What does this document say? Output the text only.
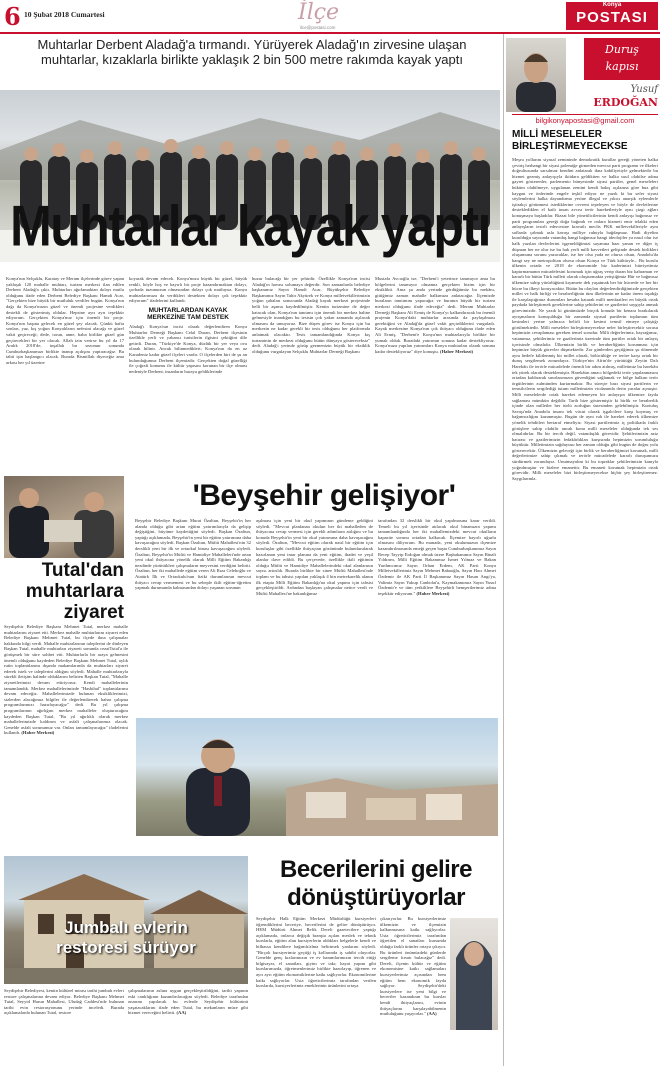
6 10 Şubat 2018 Cumartesi	İlçe
ilce@postasi.com
Konya
POSTASI
Muhtarlar Derbent Aladağ'a tırmandı. Yürüyerek Aladağ'ın zirvesine ulaşan muhtarlar, kızaklarla birlikte yaklaşık 2 bin 500 metre rakımda kayak yaptı
Muhtarlar kayak yaptı
Konya'nın Selçuklu, Karatay ve Meram ilçelerinde görev yapan yaklaşık 120 mahalle muhtarı, turizm merkezi ilan edilen Derbent Aladağ'a çıktı. Muhtarları ağırlamaktan dolayı mutlu olduğunu ifade eden Derbent Belediye Başkanı Hamdi Acar, "Gerçekten bize büyük bir mutluluk verdiler bugün. Konya'nın dağı da Konya'mızın güzel ve önemli projesine verdikleri destekli de gösterimiş oldular. Hepsine ayrı ayrı teşekkür ediyorum. Gerçekten Konya'mız için önemli bir proje. Konya'nın başına gelecek en güzel şey olacak. Çünkü hafta sonları, yaz, kış yoğun Konyalıların nefesini alacağı ve güzel vakit geçireceği; dede, torun, anne, baba birlikte güzel gün geçirecekleri bir yer olacak. Allah izin verirse bu yıl da 17 Aralık 2018'de, inşallah bu sezonun sonunda Cumhurbaşkanımızı birlikte inanıp açılışını yaptıracağız. Bu tabii işin başlangıcı olacak. Burada Bismillah diyeceğiz ama arkası her yıl üzerine
koyarak devam edecek. Konya'mıza büyük bir güzel, büyük renkli, böyle hoş ve hayırlı bir proje kazandırmaktan dolayı, çorbada tuzumuzun olmasından dolayı çok mutluyuz. Konya muhtarlarımıza da verdikleri destekten dolayı çok teşekkür ediyorum" ifadelerini kullandı.
MUHTARLARDAN KAYAK MERKEZİNE TAM DESTEK
Aladağ'ı Konya'nın incisi olarak değerlendiren Konya Muhtarlar Derneği Başkanı Celal Duran, Derbent ilçesinin özellikle yerli ve yabancı turistlerin ilgisini çektiğini dile getirdi. Duran, "Türkiye'de Konya, düzlük bir yer veya ova olarak bilinir. Ancak bilinmedikleri; Konya'nın da en az Karadeniz kadar güzel ilçeleri vardır. O ilçelerden biri de şu an bulunduğumuz Derbent ilçemizdir. Gerçekten doğal güzelliği ile çoğrafi konumu ile kültür yapısını korunan bir ilçe olması nedeniyle Derbent, insanların buraya geldiklerinde
huzur bulacağı bir yer şehirdir. Özellikle Konya'nın incisi Aladağ'ın havası solumaya değerdir. Son zamanlarda belediye başkanımız Sayın Hamdi Acar, Büyükşehir Belediye Başkanımız Sayın Tahir Akyürek ve Konya milletvekillerimizin yoğun çabaları sonucunda Aladağ kayak merkezi projesinde belli bir aşama kaydedilmiştir. Kentin turizmine de değer katacak olan, Konya'nın tanıtımı için önemli bir merkez haline gelmesiyle inandığım bu tesisin çok yakın zamanda açılacak olmasını da umuyoruz. Bize düşen görev ise Konya için bu merkezin ne kadar gerekli bir tesis olduğunu her platformda anlatmak olacaktır. Tesis tamamlandığında Konya kış turizminin de merkezi olduğunu bütün dünyaya göstereceksiz" dedi. Aladağ'ı yerinde görüp gezmenizin büyük bir eksiklik olduğunu vurgulayan Selçuklu Muhtarlar Derneği Başkanı
Mustafa Avcıoğlu ise, "Derbent'i yeterince tanımıyor ama bu bölgelerini tanımıyor olmamız gerçekten bizim için bir eksiklikti. Ama şu anda yerinde gördüğümüz bu mekânı, gittiğimiz zaman mahalle halkımıza anlatacağız. İlçemizde buraların tanıtımını yapacağız ve buranın büyük bir turizm merkezi olduğunu ifade edeceğiz" dedi. Meram Muhtarlar Derneği Başkanı Ali Ermiş de Konya'yı kalkındıracak bu önemli projenin Konya'daki muhtarlar arasında da paylaşılması gerektiğini ve Aladağ'da güzel vakit geçirdiklerini vurguladı. Kayak merkezine Konya'nın çok ihtiyacı olduğunu ifade eden Ali Ermiş, "Derbent'e Konya'nın muhtarlarıyla birlikte bir yumak olduk. Buradaki yatırımın sonuna kadar destekliyoruz. Konya'mıza yapılan yatırımları Konya muhtarları olarak sonuna kadar destekliyoruz" diye konuştu. (Haber Merkezi)
Tutal'dan muhtarlara ziyaret
Seydişehir Belediye Başkanı Mehmet Tutal, merkez mahalle muhtarlarını ziyaret etti. Merkez mahalle muhtarlarını ziyaret eden Belediye Başkanı Mehmet Tutal, bu ilçede ikna çalışmalar hakkında bilgi verdi. Mahalle muhtarlarının taleplerini de dinleyen Başkan Tutal, mahalle muhtarları ziyareti sonunda cezaiTutal'a ile görüşmek bir süre sohbet etti. Muhtarlarla bir araya gelmesini önemli olduğunu kaydeden Belediye Başkanı Mehmet Tutal, aylık rutin toplantılarımı dışında makamlarında da muhtarları ziyaret ederek istek ve taleplerini aldığını söyledi. Mahalle muhtarlarıyla sürekli iletişim halinde olduklarını belirten Başkan Tutal, "Mahalle ziyaretlerimizi devam ettiriyoruz. Kendi mahallelerinin tamamlandık. Merkez mahallelerimizde "Hasbihal" toplantılarımı devam edeceğiz. Mahallelerimizde bulunan eksikliklerimizi, sizlerden alacağımız bilgiler ile değerlendirerek bahar çalışma programlarımızı hazırlayacağız" dedi. Bu yıl çalışma programlarının ağırlığını merkez mahalleler oluşturacağını kaydeden Başkan Tutal, "Bu yıl ağırlıklı olarak merkez mahallelerimizde kaldırım ve asfalt çalışmalarımız olacak. Genelde asfalt sorunumuz var. Onları tamamlayacağız" ifadelerini kullandı. (Haber Merkezi)
'Beyşehir gelişiyor'
Beyşehir Belediye Başkanı Murat Özaltun, Beyşehir'in her alanda olduğu gibi artan eğitim yatırımlarıyla da gelişip değiştiğini, büyüme kaydettiğini söyledi. Başkan Özaltun, yaptığı açıklamada, Beyşehir'in yeni bir eğitim yatırımına daha kavuşacağını söyledi. Başkan Özaltun, Müftü Mahallesi'nin 32 derslikli yeni bir ilk ve ortaokul binası kavuşacağını söyledi. Özaltun, Beyşehir'in Müftü ve Hamidiye Mahalleleri'nde artan yeni okul ihtiyacına yönelik olarak Milli Eğitim Bakanlığı nezdinde yürüttükleri çalışmaların meyvesini verdiğini belirtti. Özaltun, her iki mahallede eğitim veren Ali Rıza Celeboğlu ve Atatürk İlk ve Ortaokulu'nun fiziki durumlarının mevcut ihtiyacı cevap vermemesi ve bu sebeple ikili eğitim-öğretim yapmak durumunda kalmasından dolayı yaşanan sorunun
aşılması için yeni bir okul yapımının gündeme geldiğini söyledi. "Mevcut planlanan okulun her iki mahalleden de ihtiyacına cevap vermesi için gerekli adımların atılığını ve bu konuda Beyşehir'in yeni bir okul yatırımına daha kavuşacağını söyledi. Özaltun, "Mevcut eğitim olarak nasıl bir eğitim için kuruluşlar gibi özellikle ihtiyaçtan gözönünde bulundurularak hazırlanan yeni imar planına da yeni eğitim, ibadet ve yeşil alanlar ilave edildi. Bu çerçevede, özellikle ikili eğitimin olduğu Müftü ve Hamidiye Mahallelerindeki okul alanlarının sayısı artırıldı. Burada birlikte bir sinee Müftü Mahallesi'nde toplam ve bu tahsisi yapılan yaklaşık 4 bin metrekarelik alanın ilk etapta Milli Eğitim Bakanlığı'na okul yapımı için tahsisi gerçekleştirildi. Ardından başlayan çalışmalar netice verdi ve Müftü Mahallesi'ne bakanlığımız
tarafından 32 derslikli bir okul yapılmasına karar verildi. Temeli bu yıl içerisinde atılacak okul binamızın yapımı tamamlandığında her iki mahallemizdeki mevcut okulların kapasite sorunu ortadan kalkacak. İlçemize hayırlı uğurlu olmasını diliyorum. Bu manada, yeni okulumuzun ilçemize kazandırılmasında emeği geçen başta Cumhurbaşkanımız Sayın Recep Tayyip Erdoğan olmak üzere Başbakanımız Sayın Binali Yıldırım, Milli Eğitim Bakanımız İsmet Yılmaz ve Bakan Yardımcımız Sayın Orhan Erdem, AK Parti Konya Milletvekillerimiz Sayın Mehmet Babaoğlu, Sayın Hacı Ahmet Özdemir ile AK Parti İl Başkanımız Sayın Hasan Angı'ya, Valimiz Sayın Yakup Canbolat'a, Kaymakamımız Sayın Yusuf Özdemir'e ve tüm yetkililere Beyşehirli hemşerilerimiz adına teşekkür ediyorum." (Haber Merkezi)
Jumbalı evlerin
restoresi sürüyor
Seydişehir Belediyesi, kentin kültürel mirası tarihi jumbalı evleri restore çalışmalarına devam ediyor. Belediye Başkanı Mehmet Tutal, Seyyid Harun Mahallesi, Uludağ Caddesi'nde bulunan tarihi evin restorasyonunu yerinde inceledi. Burada açıklamalarda bulunan Tutal, restore
çalışmalarının aslına uygun gerçekleştirildiğini, tarihi yapının eski canlılığının kazandırılacağını söyledi. Belediye tarafından onarımı yapılacak bu evlerde Seydişehir kültürünü yaşatacaklarını ifade eden Tutal, bu mekanların müze gibi hizmet vereceğini belirtti. (AA)
Becerilerini gelire
dönüştürüyorlar
Seydişehir Halk Eğitim Merkezi Müdürlüğü kursiyerleri öğrendiklerini beceriye, becerilerini de gelire dönüştürüyor. HEM Müdürü Ahmet Refik Dereli gazetecilere yaptığı açıklamada, onlarca değişik branşta açılan meslek ve teknik kurslarla, eğitim alan kursiyerlerin aldıkları belgelerle kendi ve bilhassa kendilere bağımlı/alma belirtmek yanlarını söyledi. "Birçok kursiyerimiz geçtiği iş kollarında iş sahibi oluyorlar. Genelde genç kızlarımızın ve ev hanımlarımızın tercih ettiği bilgisayar, el sanatları, giyim ve takı; hayat yapım gibi kurslarımızda, öğretmenlerimiz birlikte hazırlayıp, öğrenen ve ayrı ayrı eğitim ekonomiklerine katkı sağlıyorlar. Ekonomilerine katkı sağlıyorlar. Usta öğreticilerimiz tarafından verilen kurslarda, kursiyerlerimiz emeklerinin ürünlerini ortaya
çıkarıyorlar. Bu kursiyerlerimiz ülkemizin ve ilçemizin kalkınmasına katkı sağlıyorlar. Usta öğreticilerimiz tarafından öğretilen el sanatları kursunda olduğu farklı ürünler ortaya çıkıyor. Bu ürünleri önümüzdeki günlerde sergileme fırsatı bulacağız" dedi. Dereli, ilçenin kültür ve eğitim ekonomisine katkı sağlamaları kursiyerlerimiz açısından hem eğitim hem ekonomik fayda sağlıyor. Seydişehir'deki kursiyerlere ise yeni bilgi ve beceriler kazandıran bu kurslar kendi ihtiyaçlarını, evinin ihtiyaçlarını karşılayabilmenin mutluluğunu yaşıyorlar." (AA)
Duruş
kapısı
Yusuf
ERDOĞAN
bilgikonyapostasi@gmail.com
MİLLİ MESELELER
BİRLEŞTİRMEYECEKSE
Meşru yollarını siyasal zemininde demokratik kurallar gereği yöneten halka çeviriş herhangi bir siyasi polemiğe girmeden mevcut parti programı ve ilkeleri doğrultusunda sarsılmaz kendini anlatarak ikna kabiliyetiyle gelmektedir bu hizmet gezmiş anlayışıyla iktidara geldiktten ve halka usul olabilse adına gayret gösterenler, parlemento bünyesinde siyasi partiler, genel meseleleri hüküm olabilmeye, uygulanan zemini kendi bakış açılarına göre buz gibi kaygan ve önlerinde engele teşkil ediyor ne yazık ki bu sefer siyasi söylemlerini halka dayandırma yerine illegal ve yıkıcı anarşik eylemlerle iştirakçi görünmesi istediklerine cevreni tepeleyen ve böyle de devletlerine desteklediklen el katlı insan avcısı terör hareketleriyle aynı çizgi ağları konuşmaya başladılar. Bizzat bile yönetilicilerinin kendi anlayışı bağımsız ve parti programları gereği doğa bağımlı ve onlara hizmeti emir telakki eden anlayışların tesirli edercesine kravatlı meclis PKK milletvekilleriyle aynı saflarda çalmak asla kavaşı milliye ruhuyla bağdaşmaz. Hadi diyelim kurulduğu sayısında vatandaş hangi bağımsız hangi ideolojiler ya nasıl olur ise halk yazılan devlerlerini işgeneldiğimizi sayanına bazı yanan ve diğer iç düşman her ne olur ise bu hak yerli milli kavvetleri gelişinde destek birlikleri oluşumuna sorunu yazacaklar, ise her olsa yada ne olursa olsun, Anadolu'da hangi sey ne metropolitan olursa olsun Konya ve Türk kültüryle... Bu kurulu ülkenin ortada ve 2018 de ekonomide biz kaderimizi hürriyetimiz kaptırmamanın mücadelesini korumak için uğraş verip duran biz kahraman ve kararlı bir bütün Türk milleti olarak oluşturmakta yetiştiğimiz Hür ve bağımsız ülkemize sahip yürürlüğünü kıyamete dek yaşatmak her bir hücrede ve her bir hücre bu ilkeyi koruyacaktır. Bütün bu olayları değerlendirdiğimizde gerçekten millet ve halk birliği ve beraberliğinin tüm ilkelerinin ne kadar önem taşıdığı ile karşılaştığımız durumları hesaba katarak milli menfaatleri en büyük ortak paydada birleştirmek gereklerine sahip şehitlerini ve gazilerini saygıyla anmak görevimizdir. Ne yazık ki günümüzde birçok konuda bir kenara bırakılarak ayrışmaların konuşulduğu bir zamanda siyasal partilerin toplumun tüm kesimleri yerine yalnızca belirli bir kesimi temsil etmeye çalıştığı görülmektedir. Milli meseleler birleştirmeyecekse neler birleştirecektir sorusu hepimizin cevaplaması gereken temel sorudur. Milli değerlerimiz, bayrağımız, vatanımız, şehitlerimiz ve gazilerimiz üzerinde tüm partiler ortak bir anlayış içerisinde olmalıdır. Ülkemizin birlik ve beraberliğinin korunması için hepimize büyük görevler düşmektedir. Zor günlerden geçtiğimiz şu dönemde aynı hedefe kilitlenmiş bir millet olarak, bölücülüğe ve teröre karşı ortak bir duruş sergilemek zorundayız. Türkiye'nin Afrin'de yürüttüğü Zeytin Dalı Harekâtı ile terörle mücadelede önemli bir adım atılmış, milletimiz bu harekâtı tek yürek olarak desteklemiştir. Harekâtın amacı bölgedeki terör yapılanmasını ortadan kaldırarak sınırlarımızın güvenliğini sağlamak ve bölge halkını terör örgütlerinin zulmünden kurtarmaktır. Bu süreçte bazı siyasi partilerin ve temsilcilerin sergilediği tutum milletimizin vicdanında derin yaralar açmıştır. Milli meselelerde ortak hareket edemeyen bir anlayışın ülkemize fayda sağlaması mümkün değildir. Tarih bize göstermiştir ki birlik ve beraberlik içinde olan milletler her türlü zorluğun üstesinden gelebilmiştir. Kurtuluş Savaşı'nda Anadolu insanı tek vücut olarak işgalcilere karşı koymuş ve bağımsızlığını kazanmıştır. Bugün de aynı ruh ile hareket ederek ülkemize yönelik tehditleri bertaraf etmeliyiz. Siyasi partilerimiz iç politikada farklı görüşlere sahip olabilir ancak konu milli meseleler olduğunda tek ses olmalıdırlar. Bu bir tercih değil, vatandaşlık görevidir. Şehitlerimizin aziz hatırası ve gazilerimizin fedakârlıkları karşısında hepimizin sorumluluğu büyüktür. Milletimizin sağduyusu her zaman olduğu gibi bugün de doğru yolu gösterecektir. Ülkemizin geleceği için birlik ve beraberliğimizi korumak, milli değerlerimize sahip çıkmak ve terörle mücadelede kararlı duruşumuzu sürdürmek zorundayız. Unutmayalım ki bu topraklar şehitlerimizin kanıyla yoğrulmuştur ve bizlere emanettir. Bu emaneti korumak hepimizin ortak görevidir. Milli meseleler bizi birleştirmeyecekse hiçbir şey birleştiremez. Saygılarımla.
